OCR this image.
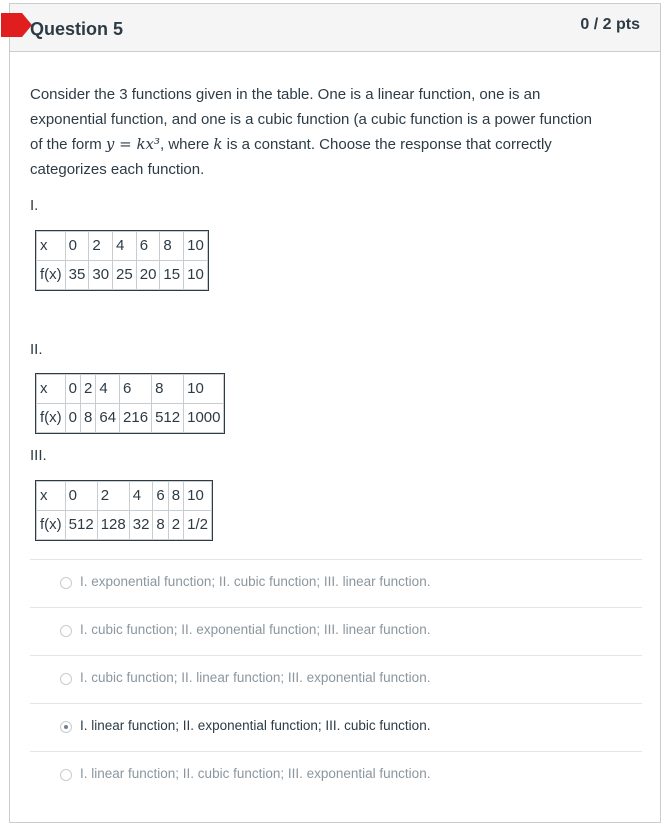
Question 5	0 / 2 pts

Consider the 3 functions given in the table. One is a linear function, one is an
exponential function, and one is a cubic function (a cubic function is a power function
of the form y = kx³, where k is a constant. Choose the response that correctly
categorizes each function.

I.
x	0	2	4	6	8	10
f(x)	35	30	25	20	15	10
II.
x	0	2	4	6	8	10
f(x)	0	8	64	216	512	1000
III.
x	0	2	4	6	8	10
f(x)	512	128	32	8	2	1/2
I. exponential function; II. cubic function; III. linear function.
I. cubic function; II. exponential function; III. linear function.
I. cubic function; II. linear function; III. exponential function.
I. linear function; II. exponential function; III. cubic function.
I. linear function; II. cubic function; III. exponential function.
